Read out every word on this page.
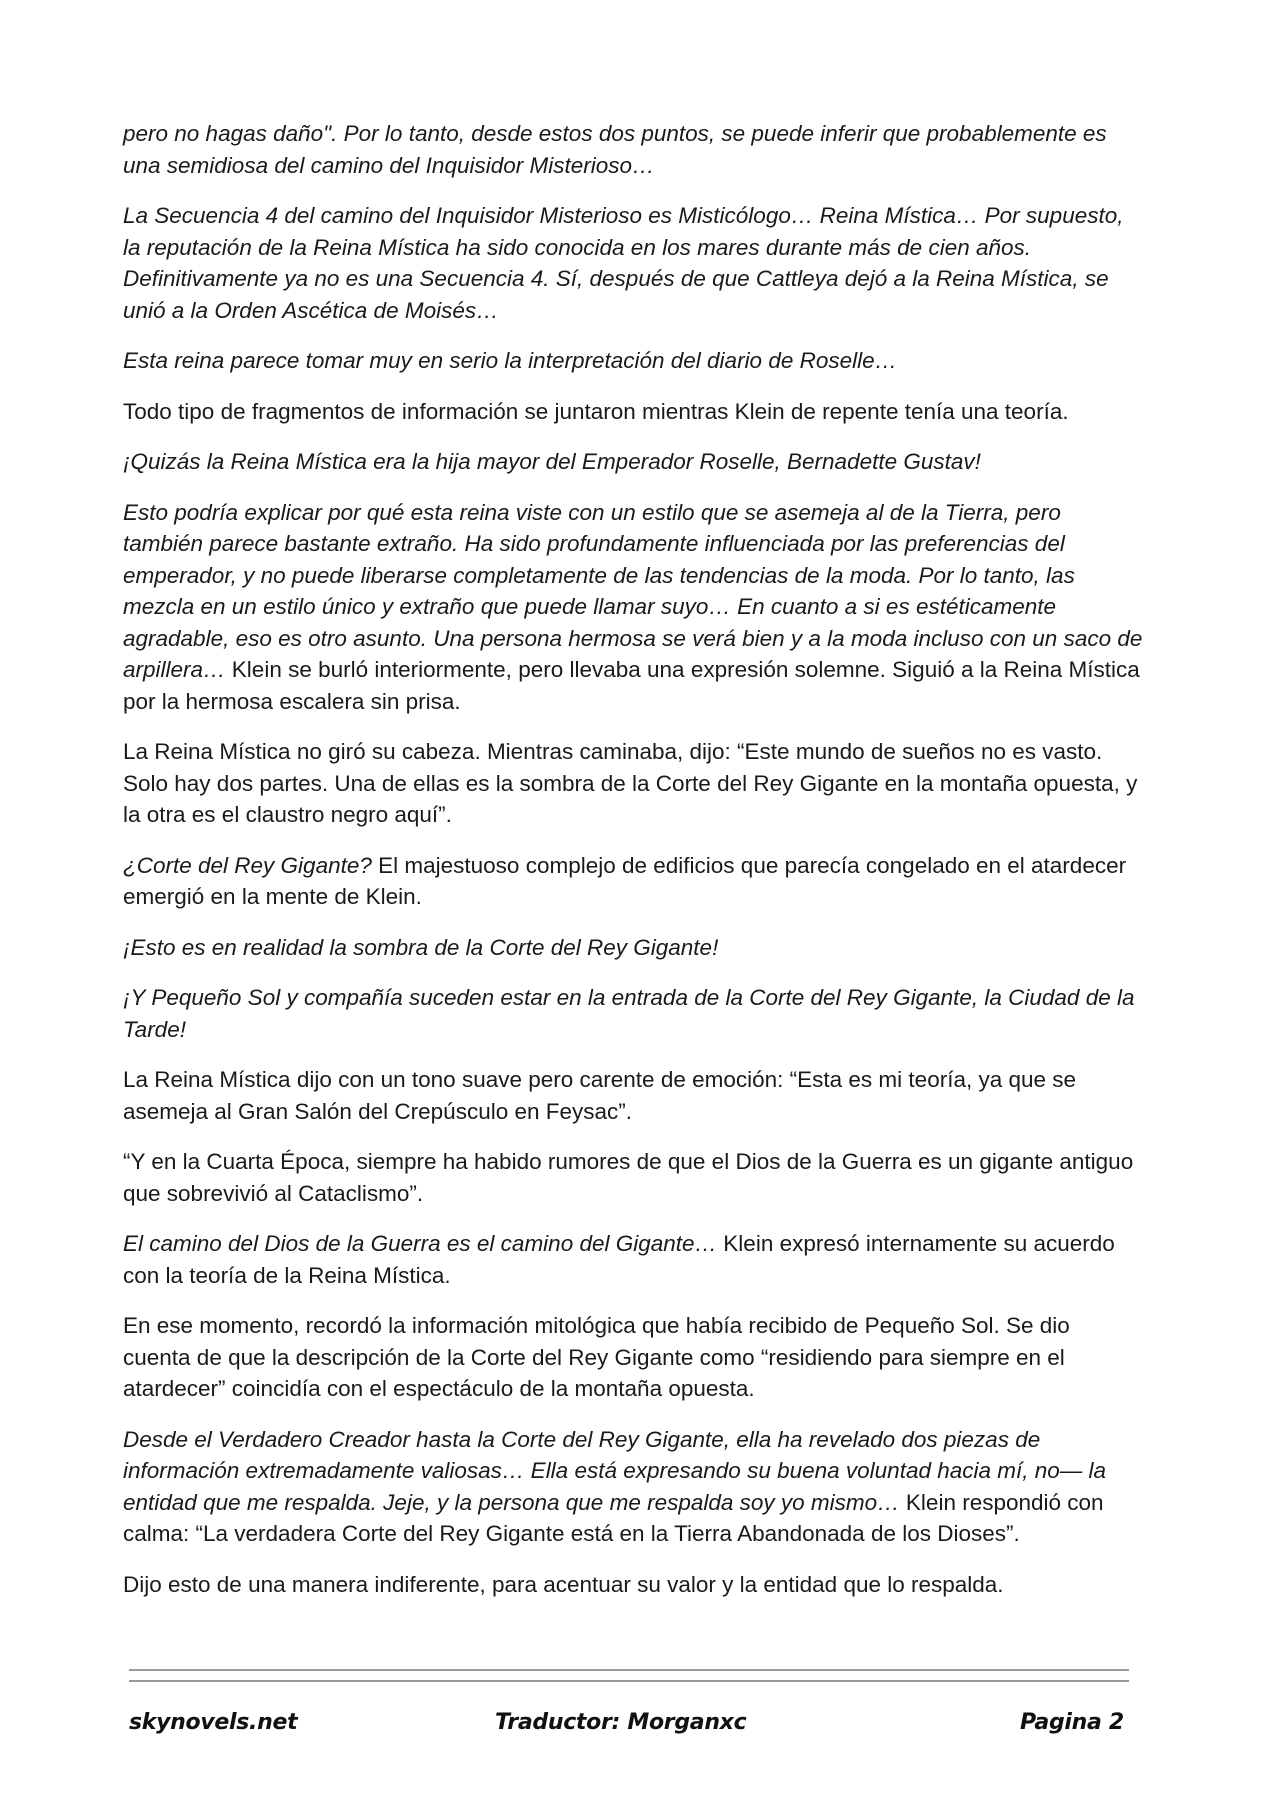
pero no hagas daño". Por lo tanto, desde estos dos puntos, se puede inferir que probablemente es una semidiosa del camino del Inquisidor Misterioso…

La Secuencia 4 del camino del Inquisidor Misterioso es Misticólogo… Reina Mística… Por supuesto, la reputación de la Reina Mística ha sido conocida en los mares durante más de cien años. Definitivamente ya no es una Secuencia 4. Sí, después de que Cattleya dejó a la Reina Mística, se unió a la Orden Ascética de Moisés…

Esta reina parece tomar muy en serio la interpretación del diario de Roselle…

Todo tipo de fragmentos de información se juntaron mientras Klein de repente tenía una teoría.

¡Quizás la Reina Mística era la hija mayor del Emperador Roselle, Bernadette Gustav!

Esto podría explicar por qué esta reina viste con un estilo que se asemeja al de la Tierra, pero también parece bastante extraño. Ha sido profundamente influenciada por las preferencias del emperador, y no puede liberarse completamente de las tendencias de la moda. Por lo tanto, las mezcla en un estilo único y extraño que puede llamar suyo… En cuanto a si es estéticamente agradable, eso es otro asunto. Una persona hermosa se verá bien y a la moda incluso con un saco de arpillera… Klein se burló interiormente, pero llevaba una expresión solemne. Siguió a la Reina Mística por la hermosa escalera sin prisa.

La Reina Mística no giró su cabeza. Mientras caminaba, dijo: “Este mundo de sueños no es vasto. Solo hay dos partes. Una de ellas es la sombra de la Corte del Rey Gigante en la montaña opuesta, y la otra es el claustro negro aquí”.

¿Corte del Rey Gigante? El majestuoso complejo de edificios que parecía congelado en el atardecer emergió en la mente de Klein.

¡Esto es en realidad la sombra de la Corte del Rey Gigante!

¡Y Pequeño Sol y compañía suceden estar en la entrada de la Corte del Rey Gigante, la Ciudad de la Tarde!

La Reina Mística dijo con un tono suave pero carente de emoción: “Esta es mi teoría, ya que se asemeja al Gran Salón del Crepúsculo en Feysac”.

“Y en la Cuarta Época, siempre ha habido rumores de que el Dios de la Guerra es un gigante antiguo que sobrevivió al Cataclismo”.

El camino del Dios de la Guerra es el camino del Gigante… Klein expresó internamente su acuerdo con la teoría de la Reina Mística.

En ese momento, recordó la información mitológica que había recibido de Pequeño Sol. Se dio cuenta de que la descripción de la Corte del Rey Gigante como “residiendo para siempre en el atardecer” coincidía con el espectáculo de la montaña opuesta.

Desde el Verdadero Creador hasta la Corte del Rey Gigante, ella ha revelado dos piezas de información extremadamente valiosas… Ella está expresando su buena voluntad hacia mí, no— la entidad que me respalda. Jeje, y la persona que me respalda soy yo mismo… Klein respondió con calma: “La verdadera Corte del Rey Gigante está en la Tierra Abandonada de los Dioses”.

Dijo esto de una manera indiferente, para acentuar su valor y la entidad que lo respalda.

skynovels.net	Traductor: Morganxc	Pagina 2
